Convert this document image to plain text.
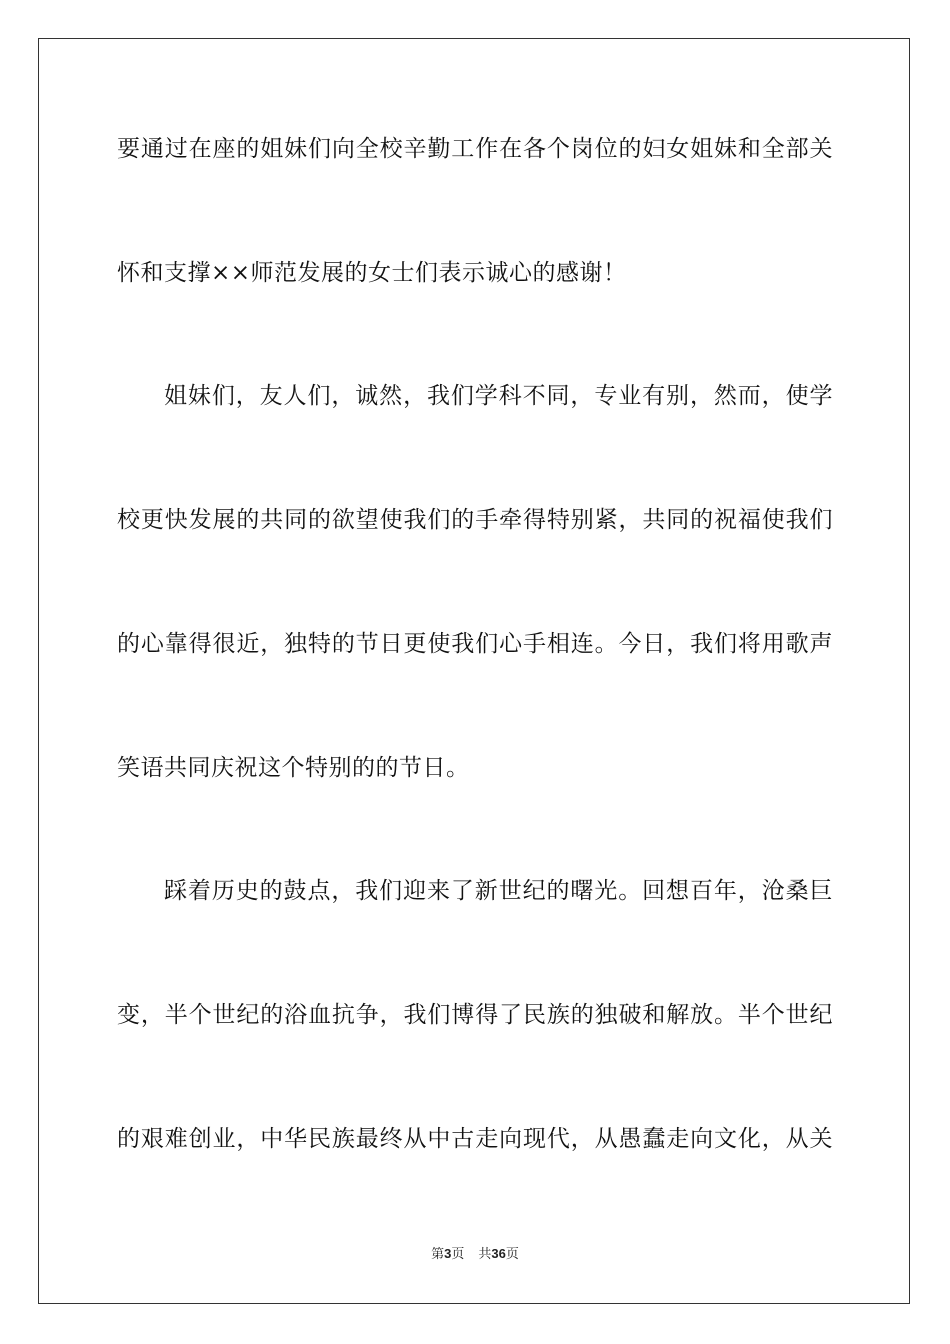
要通过在座的姐妹们向全校辛勤工作在各个岗位的妇女姐妹和全部关
怀和支撑××师范发展的女士们表示诚心的感谢！
姐妹们，友人们，诚然，我们学科不同，专业有别，然而，使学
校更快发展的共同的欲望使我们的手牵得特别紧，共同的祝福使我们
的心靠得很近，独特的节日更使我们心手相连。今日，我们将用歌声
笑语共同庆祝这个特别的的节日。
踩着历史的鼓点，我们迎来了新世纪的曙光。回想百年，沧桑巨
变，半个世纪的浴血抗争，我们博得了民族的独破和解放。半个世纪
的艰难创业，中华民族最终从中古走向现代，从愚蠢走向文化，从关
第3页 共36页
